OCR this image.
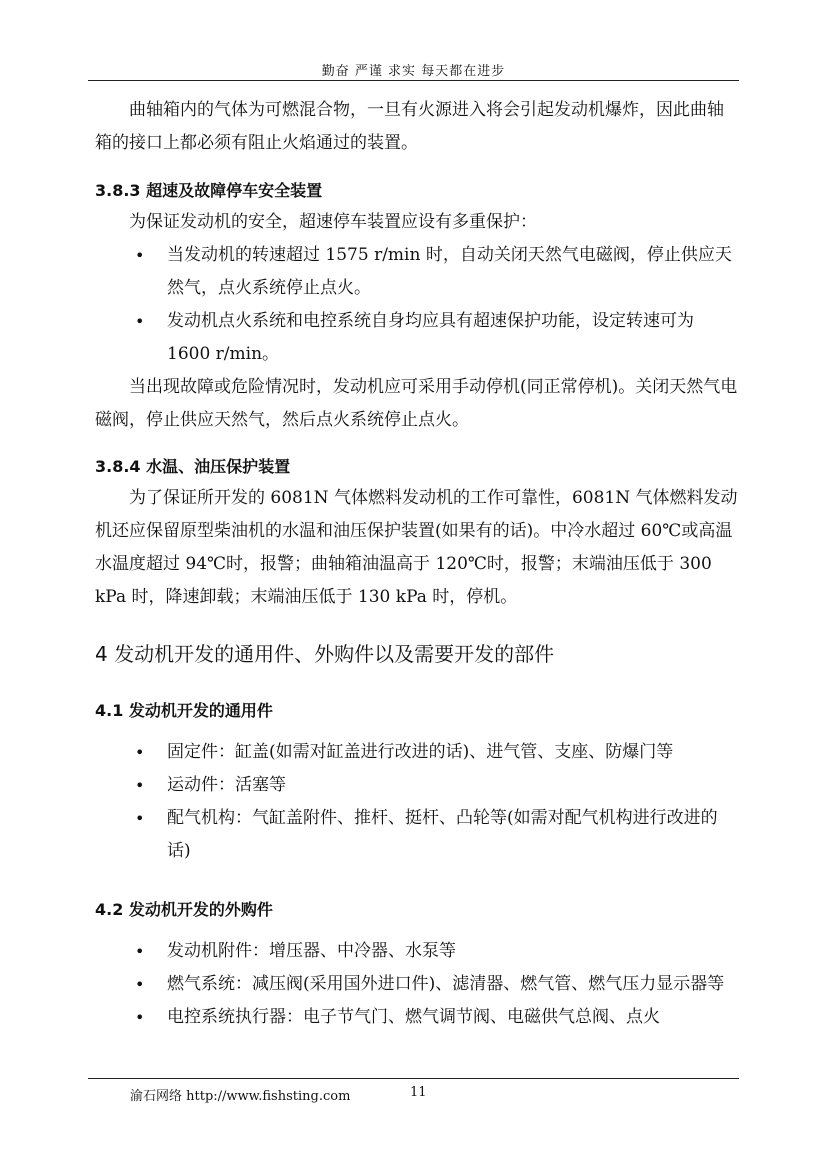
勤奋 严谨 求实 每天都在进步
曲轴箱内的气体为可燃混合物，一旦有火源进入将会引起发动机爆炸，因此曲轴箱的接口上都必须有阻止火焰通过的装置。
3.8.3 超速及故障停车安全装置
为保证发动机的安全，超速停车装置应设有多重保护：
• 当发动机的转速超过 1575 r/min 时，自动关闭天然气电磁阀，停止供应天然气，点火系统停止点火。
• 发动机点火系统和电控系统自身均应具有超速保护功能，设定转速可为 1600 r/min。
当出现故障或危险情况时，发动机应可采用手动停机(同正常停机)。关闭天然气电磁阀，停止供应天然气，然后点火系统停止点火。
3.8.4 水温、油压保护装置
为了保证所开发的 6081N 气体燃料发动机的工作可靠性，6081N 气体燃料发动机还应保留原型柴油机的水温和油压保护装置(如果有的话)。中冷水超过 60℃或高温水温度超过 94℃时，报警；曲轴箱油温高于 120℃时，报警；末端油压低于 300 kPa 时，降速卸载；末端油压低于 130 kPa 时，停机。
4 发动机开发的通用件、外购件以及需要开发的部件
4.1 发动机开发的通用件
• 固定件：缸盖(如需对缸盖进行改进的话)、进气管、支座、防爆门等
• 运动件：活塞等
• 配气机构：气缸盖附件、推杆、挺杆、凸轮等(如需对配气机构进行改进的话)
4.2 发动机开发的外购件
• 发动机附件：增压器、中冷器、水泵等
• 燃气系统：减压阀(采用国外进口件)、滤清器、燃气管、燃气压力显示器等
• 电控系统执行器：电子节气门、燃气调节阀、电磁供气总阀、点火
渝石网络 http://www.fishsting.com	11
